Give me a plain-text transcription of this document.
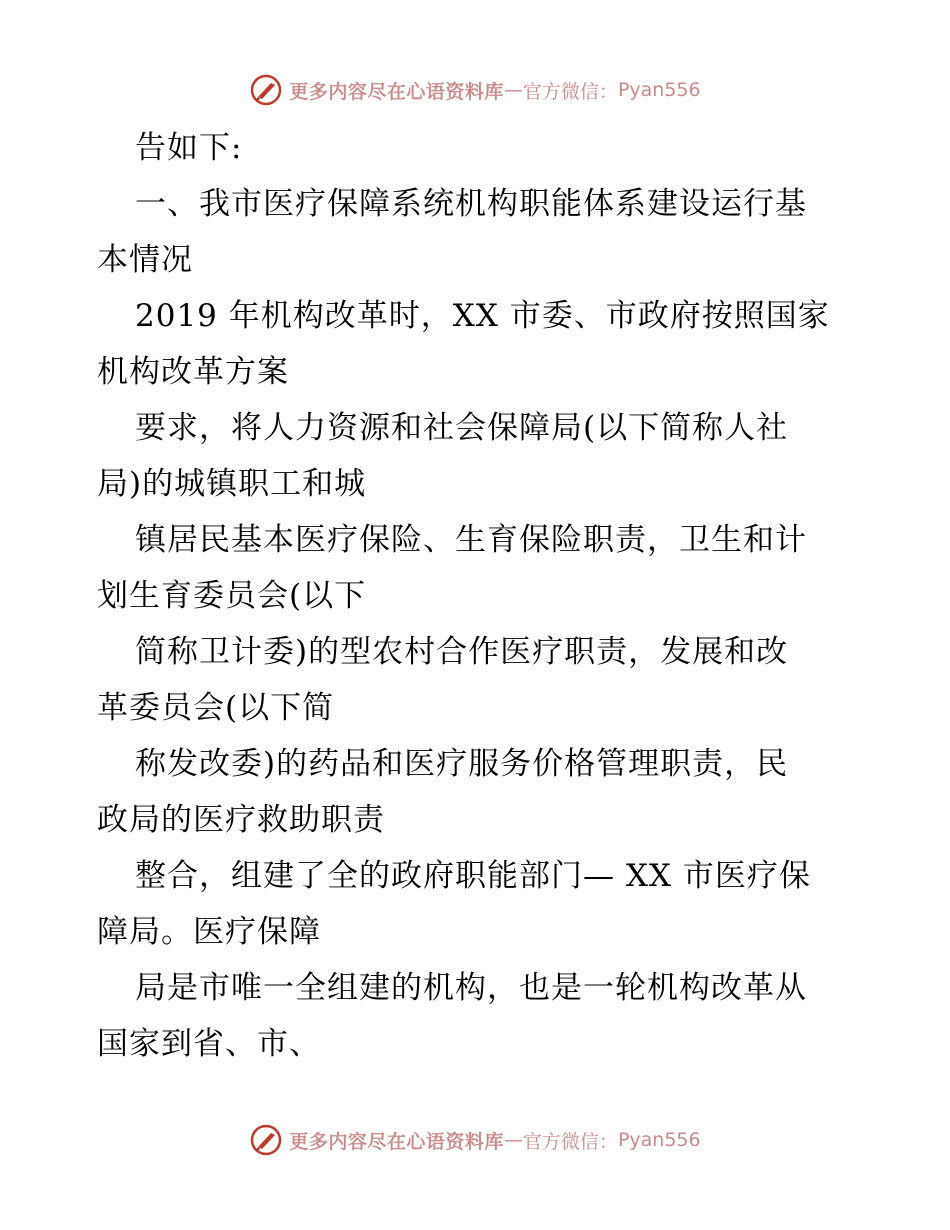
更多内容尽在心语资料库 — 官方微信： Pyan556
告如下:
一、我市医疗保障系统机构职能体系建设运行基
本情况
2019 年机构改革时，XX 市委、市政府按照国家
机构改革方案
要求，将人力资源和社会保障局(以下简称人社
局)的城镇职工和城
镇居民基本医疗保险、生育保险职责，卫生和计
划生育委员会(以下
简称卫计委)的型农村合作医疗职责，发展和改
革委员会(以下简
称发改委)的药品和医疗服务价格管理职责，民
政局的医疗救助职责
整合，组建了全的政府职能部门— XX 市医疗保
障局。医疗保障
局是市唯一全组建的机构，也是一轮机构改革从
国家到省、市、
更多内容尽在心语资料库 — 官方微信： Pyan556
